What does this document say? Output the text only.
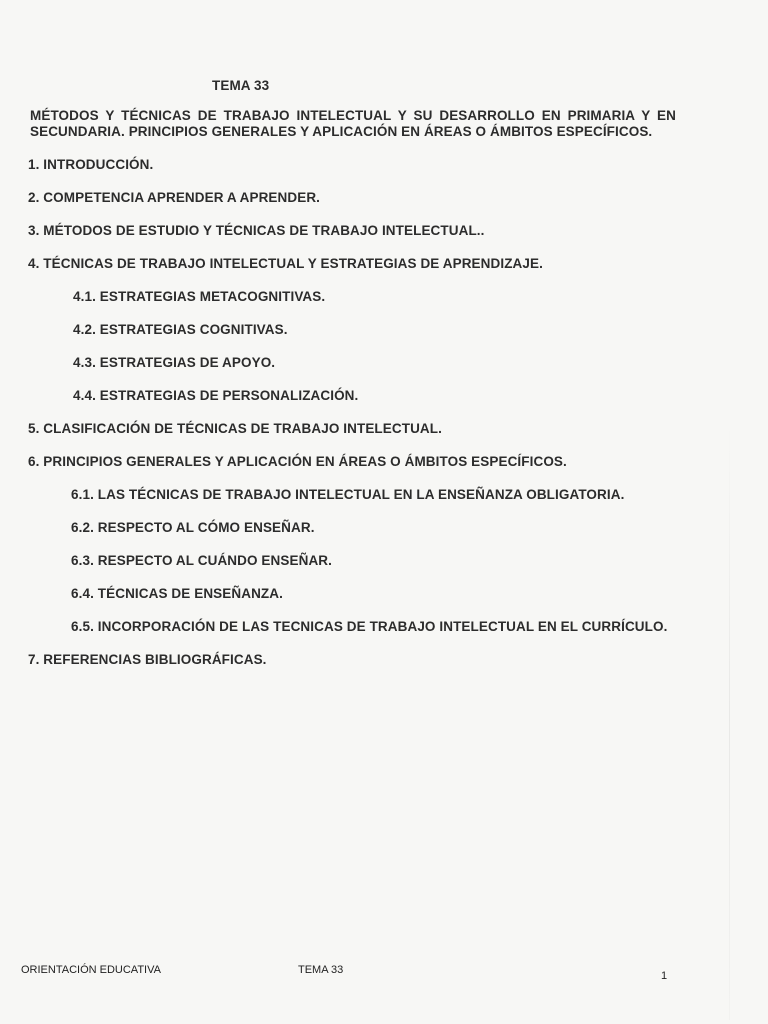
TEMA 33

MÉTODOS Y TÉCNICAS DE TRABAJO INTELECTUAL Y SU DESARROLLO EN PRIMARIA Y EN SECUNDARIA. PRINCIPIOS GENERALES Y APLICACIÓN EN ÁREAS O ÁMBITOS ESPECÍFICOS.

1. INTRODUCCIÓN.
2. COMPETENCIA APRENDER A APRENDER.
3. MÉTODOS DE ESTUDIO Y TÉCNICAS DE TRABAJO INTELECTUAL..
4. TÉCNICAS DE TRABAJO INTELECTUAL Y ESTRATEGIAS DE APRENDIZAJE.
4.1. ESTRATEGIAS METACOGNITIVAS.
4.2. ESTRATEGIAS COGNITIVAS.
4.3. ESTRATEGIAS DE APOYO.
4.4. ESTRATEGIAS DE PERSONALIZACIÓN.
5. CLASIFICACIÓN DE TÉCNICAS DE TRABAJO INTELECTUAL.
6. PRINCIPIOS GENERALES Y APLICACIÓN EN ÁREAS O ÁMBITOS ESPECÍFICOS.
6.1. LAS TÉCNICAS DE TRABAJO INTELECTUAL EN LA ENSEÑANZA OBLIGATORIA.
6.2. RESPECTO AL CÓMO ENSEÑAR.
6.3. RESPECTO AL CUÁNDO ENSEÑAR.
6.4. TÉCNICAS DE ENSEÑANZA.
6.5. INCORPORACIÓN DE LAS TECNICAS DE TRABAJO INTELECTUAL EN EL CURRÍCULO.
7. REFERENCIAS BIBLIOGRÁFICAS.
ORIENTACIÓN EDUCATIVA	TEMA 33	1
